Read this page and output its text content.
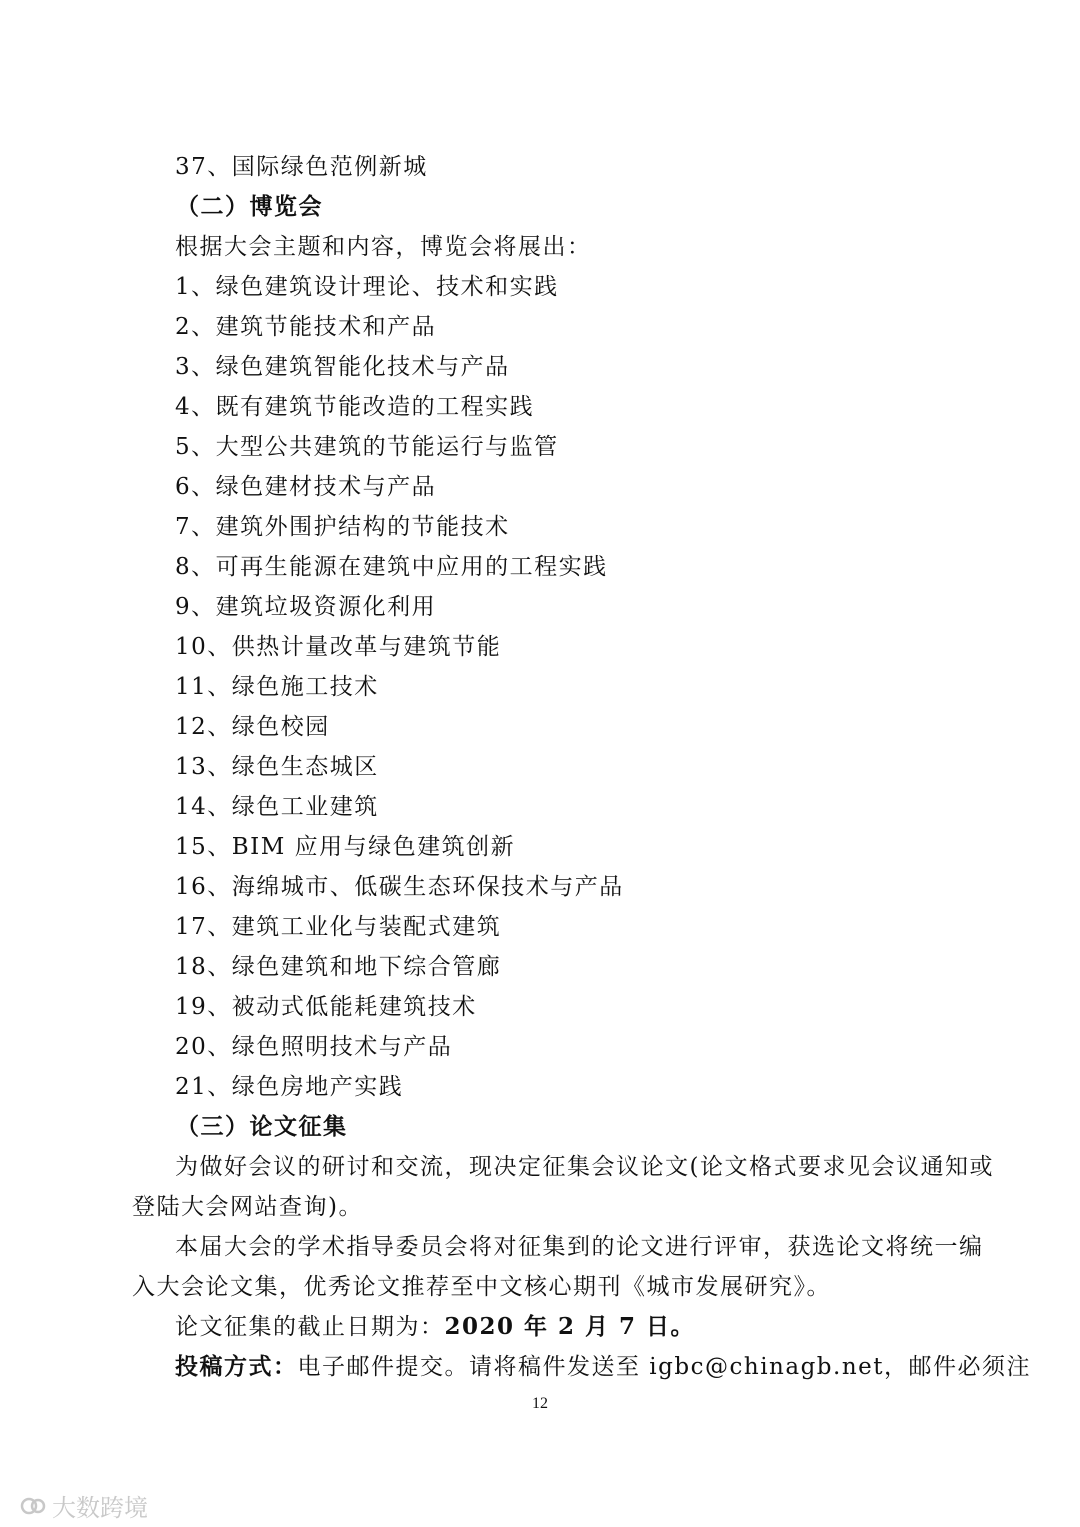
37、国际绿色范例新城
（二）博览会
根据大会主题和内容，博览会将展出：
1、绿色建筑设计理论、技术和实践
2、建筑节能技术和产品
3、绿色建筑智能化技术与产品
4、既有建筑节能改造的工程实践
5、大型公共建筑的节能运行与监管
6、绿色建材技术与产品
7、建筑外围护结构的节能技术
8、可再生能源在建筑中应用的工程实践
9、建筑垃圾资源化利用
10、供热计量改革与建筑节能
11、绿色施工技术
12、绿色校园
13、绿色生态城区
14、绿色工业建筑
15、BIM 应用与绿色建筑创新
16、海绵城市、低碳生态环保技术与产品
17、建筑工业化与装配式建筑
18、绿色建筑和地下综合管廊
19、被动式低能耗建筑技术
20、绿色照明技术与产品
21、绿色房地产实践
（三）论文征集
为做好会议的研讨和交流，现决定征集会议论文(论文格式要求见会议通知或
登陆大会网站查询)。
本届大会的学术指导委员会将对征集到的论文进行评审，获选论文将统一编
入大会论文集，优秀论文推荐至中文核心期刊《城市发展研究》。
论文征集的截止日期为：2020 年 2 月 7 日。
投稿方式：电子邮件提交。请将稿件发送至 igbc@chinagb.net，邮件必须注
12
大数跨境
